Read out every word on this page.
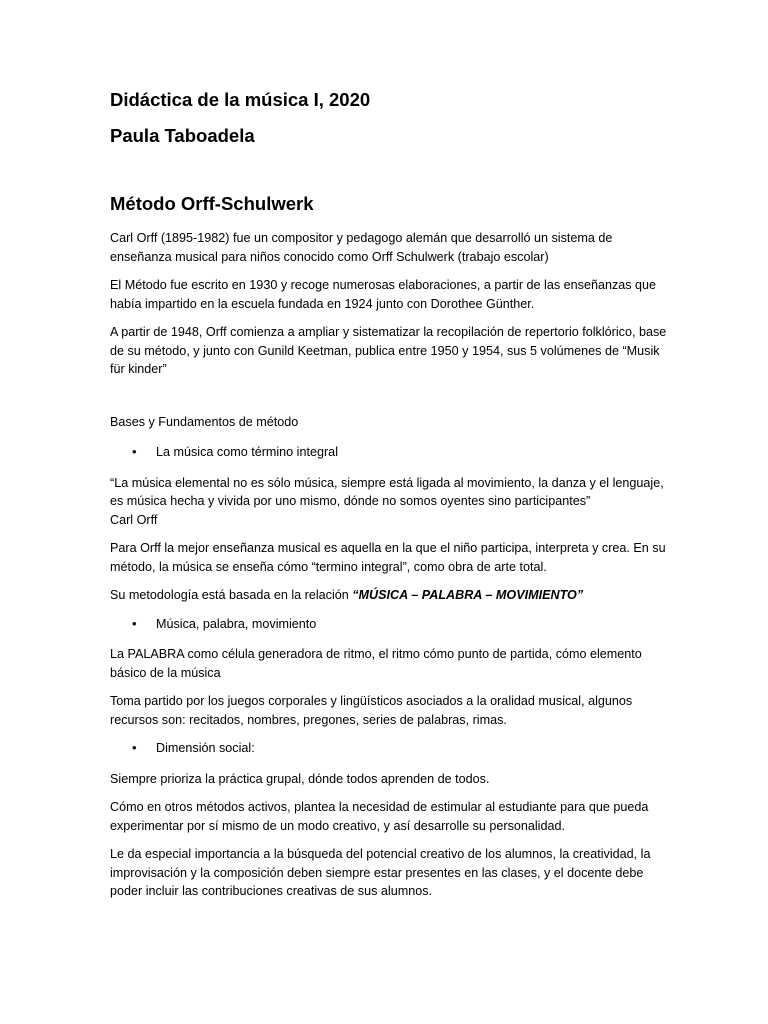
Didáctica de la música I, 2020
Paula Taboadela
Método Orff-Schulwerk

Carl Orff (1895-1982) fue un compositor y pedagogo alemán que desarrolló un sistema de enseñanza musical para niños conocido como Orff Schulwerk (trabajo escolar)

El Método fue escrito en 1930 y recoge numerosas elaboraciones, a partir de las enseñanzas que había impartido en la escuela fundada en 1924 junto con Dorothee Günther.

A partir de 1948, Orff comienza a ampliar y sistematizar la recopilación de repertorio folklórico, base de su método, y junto con Gunild Keetman, publica entre 1950 y 1954, sus 5 volúmenes de “Musik für kinder”

Bases y Fundamentos de método

•	La música como término integral

“La música elemental no es sólo música, siempre está ligada al movimiento, la danza y el lenguaje, es música hecha y vivida por uno mismo, dónde no somos oyentes sino participantes”

Carl Orff

Para Orff la mejor enseñanza musical es aquella en la que el niño participa, interpreta y crea. En su método, la música se enseña cómo “termino integral”, como obra de arte total.

Su metodología está basada en la relación “MÚSICA – PALABRA – MOVIMIENTO”

•	Música, palabra, movimiento

La PALABRA como célula generadora de ritmo, el ritmo cómo punto de partida, cómo elemento básico de la música

Toma partido por los juegos corporales y lingüísticos asociados a la oralidad musical, algunos recursos son: recitados, nombres, pregones, series de palabras, rimas.

•	Dimensión social:

Siempre prioriza la práctica grupal, dónde todos aprenden de todos.

Cómo en otros métodos activos, plantea la necesidad de estimular al estudiante para que pueda experimentar por sí mismo de un modo creativo, y así desarrolle su personalidad.

Le da especial importancia a la búsqueda del potencial creativo de los alumnos, la creatividad, la improvisación y la composición deben siempre estar presentes en las clases, y el docente debe poder incluir las contribuciones creativas de sus alumnos.
